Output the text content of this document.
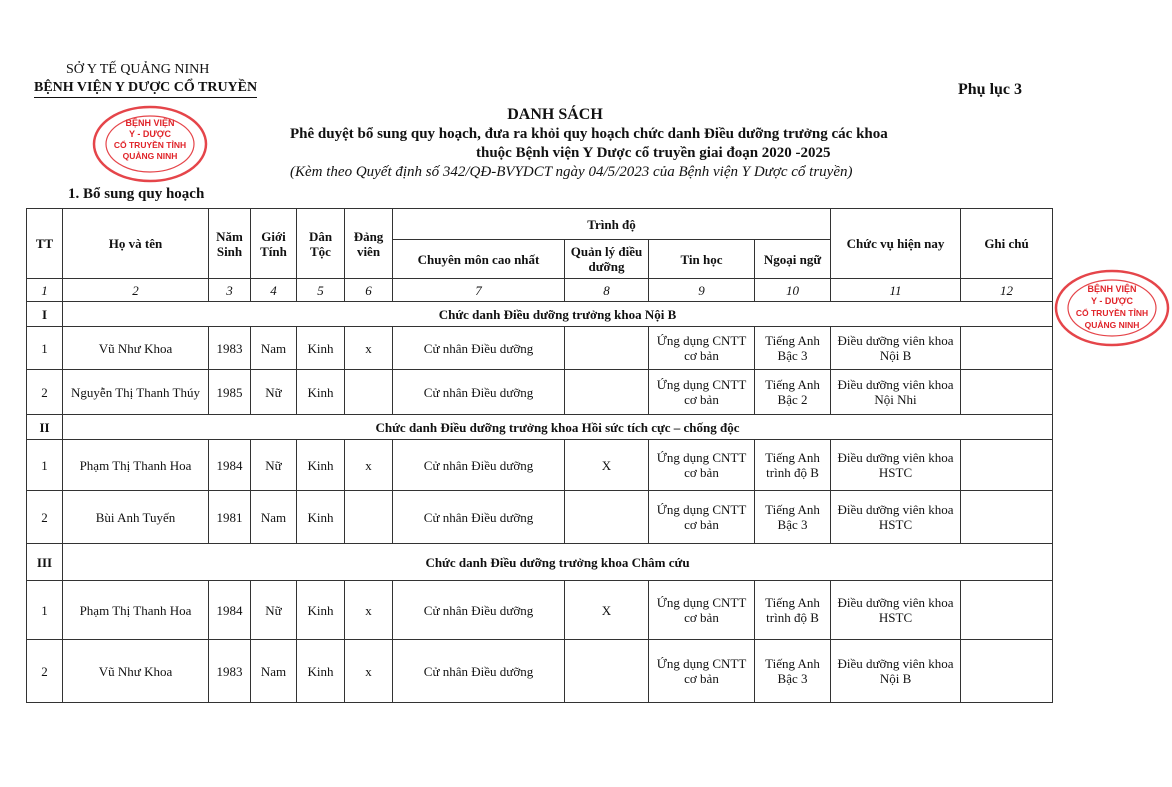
SỞ Y TẾ QUẢNG NINH
BỆNH VIỆN Y DƯỢC CỔ TRUYỀN	Phụ lục 3
DANH SÁCH
Phê duyệt bổ sung quy hoạch, đưa ra khỏi quy hoạch chức danh Điều dưỡng trưởng các khoa
thuộc Bệnh viện Y Dược cổ truyền giai đoạn 2020 -2025
(Kèm theo Quyết định số 342/QĐ-BVYDCT ngày 04/5/2023 của Bệnh viện Y Dược cổ truyền)
1. Bổ sung quy hoạch
BỆNH VIỆN
Y - DƯỢC
CỔ TRUYỀN TỈNH
QUẢNG NINH
BỆNH VIỆN
Y - DƯỢC
CỔ TRUYỀN TỈNH
QUẢNG NINH
TT	Họ và tên	Năm Sinh	Giới Tính	Dân Tộc	Đảng viên	Trình độ				Chức vụ hiện nay	Ghi chú
						Chuyên môn cao nhất	Quản lý điều dưỡng	Tin học	Ngoại ngữ		
1	2	3	4	5	6	7	8	9	10	11	12
I	Chức danh Điều dưỡng trưởng khoa Nội B										
1	Vũ Như Khoa	1983	Nam	Kinh	x	Cử nhân Điều dưỡng		Ứng dụng CNTT cơ bản	Tiếng Anh Bậc 3	Điều dưỡng viên khoa Nội B	
2	Nguyễn Thị Thanh Thúy	1985	Nữ	Kinh		Cử nhân Điều dưỡng		Ứng dụng CNTT cơ bản	Tiếng Anh Bậc 2	Điều dưỡng viên khoa Nội Nhi	
II	Chức danh Điều dưỡng trưởng khoa Hồi sức tích cực – chống độc										
1	Phạm Thị Thanh Hoa	1984	Nữ	Kinh	x	Cử nhân Điều dưỡng	X	Ứng dụng CNTT cơ bản	Tiếng Anh trình độ B	Điều dưỡng viên khoa HSTC	
2	Bùi Anh Tuyến	1981	Nam	Kinh		Cử nhân Điều dưỡng		Ứng dụng CNTT cơ bản	Tiếng Anh Bậc 3	Điều dưỡng viên khoa HSTC	
III	Chức danh Điều dưỡng trưởng khoa Châm cứu										
1	Phạm Thị Thanh Hoa	1984	Nữ	Kinh	x	Cử nhân Điều dưỡng	X	Ứng dụng CNTT cơ bản	Tiếng Anh trình độ B	Điều dưỡng viên khoa HSTC	
2	Vũ Như Khoa	1983	Nam	Kinh	x	Cử nhân Điều dưỡng		Ứng dụng CNTT cơ bản	Tiếng Anh Bậc 3	Điều dưỡng viên khoa Nội B	
